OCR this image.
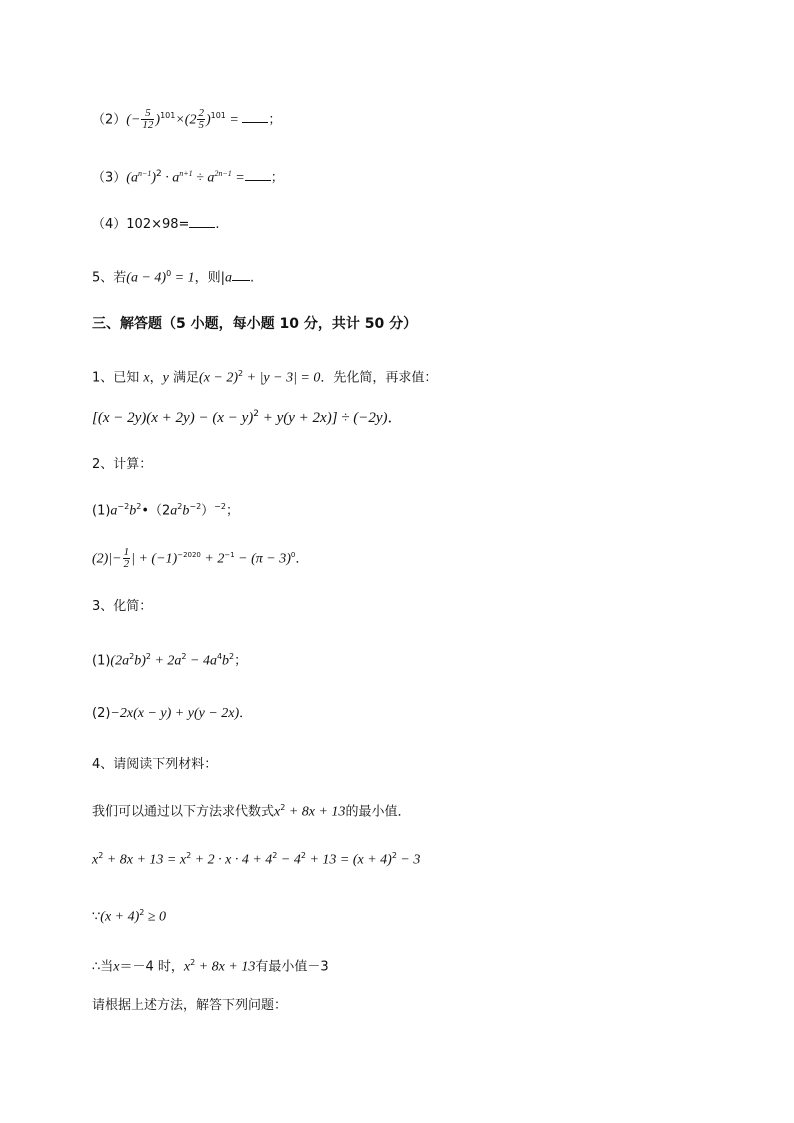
$(2)(- \frac{5}{12} )^{101}\times(2 \frac{2}{5} )^{101}$ = ；
$(3)(a^{n-1})^2 \cdot a^{n+1} \div a^{2n-1}$ = ；
（4）102×98= .
5、若$(a - 4)^0 = 1$，则|a .
三、解答题（5 小题，每小题 10 分，共计 50 分）
1、已知 x，y 满足$(x - 2)^2 + |y - 3| = 0$．先化简，再求值：
$[(x - 2y)(x + 2y) - (x - y)^2 + y(y + 2x)] \div (-2y)$．
2、计算：
$(1)a^{-2}b^2•(2a^2b^{-2})^{-2}$；
$(2)|- \frac{1}{2}$ | + $(-1)^{-2020} + 2^{-1} - (\pi - 3)^0$．
3、化简：
$(1)(2a^2b)^2 + 2a^2 - 4a^4b^2$；
(2)−2x(x − y) + y(y − 2x)．
4、请阅读下列材料：
我们可以通过以下方法求代数式$x^2 + 8x + 13$的最小值．
$x^2 + 8x + 13 = x^2 + 2 \cdot x \cdot 4 + 4^2 - 4^2 + 13 = (x + 4)^2 - 3$
∵(x + 4)$^2$ ≥ 0
∴当x＝－4 时，$x^2 + 8x + 13$有最小值－3
请根据上述方法，解答下列问题：
